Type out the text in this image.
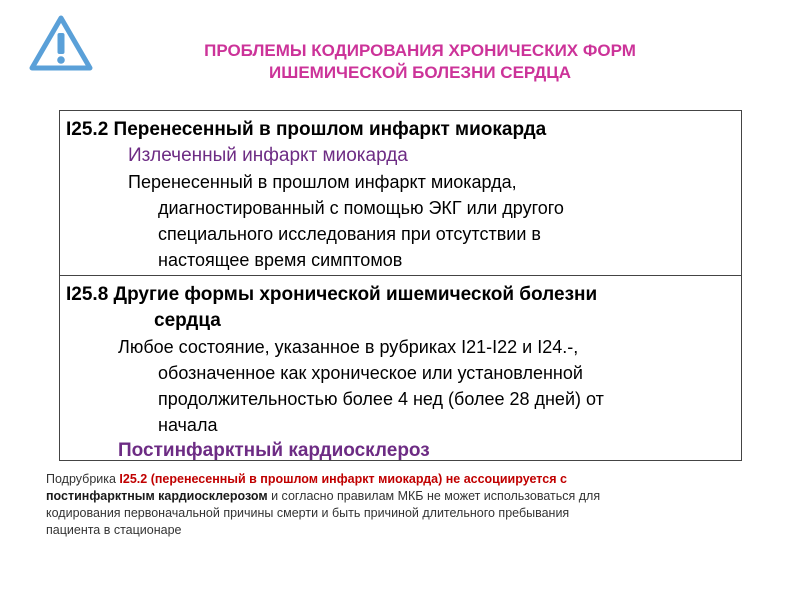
ПРОБЛЕМЫ КОДИРОВАНИЯ ХРОНИЧЕСКИХ ФОРМ
ИШЕМИЧЕСКОЙ БОЛЕЗНИ СЕРДЦА
I25.2 Перенесенный в прошлом инфаркт миокарда
Излеченный инфаркт миокарда
Перенесенный в прошлом инфаркт миокарда,
диагностированный с помощью ЭКГ или другого
специального исследования при отсутствии в
настоящее время симптомов
I25.8 Другие формы хронической ишемической болезни
сердца
Любое состояние, указанное в рубриках I21-I22 и I24.-,
обозначенное как хроническое или установленной
продолжительностью более 4 нед (более 28 дней) от
начала
Постинфарктный кардиосклероз
Подрубрика I25.2 (перенесенный в прошлом инфаркт миокарда) не ассоциируется с
постинфарктным кардиосклерозом и согласно правилам МКБ не может использоваться для
кодирования первоначальной причины смерти и быть причиной длительного пребывания
пациента в стационаре
